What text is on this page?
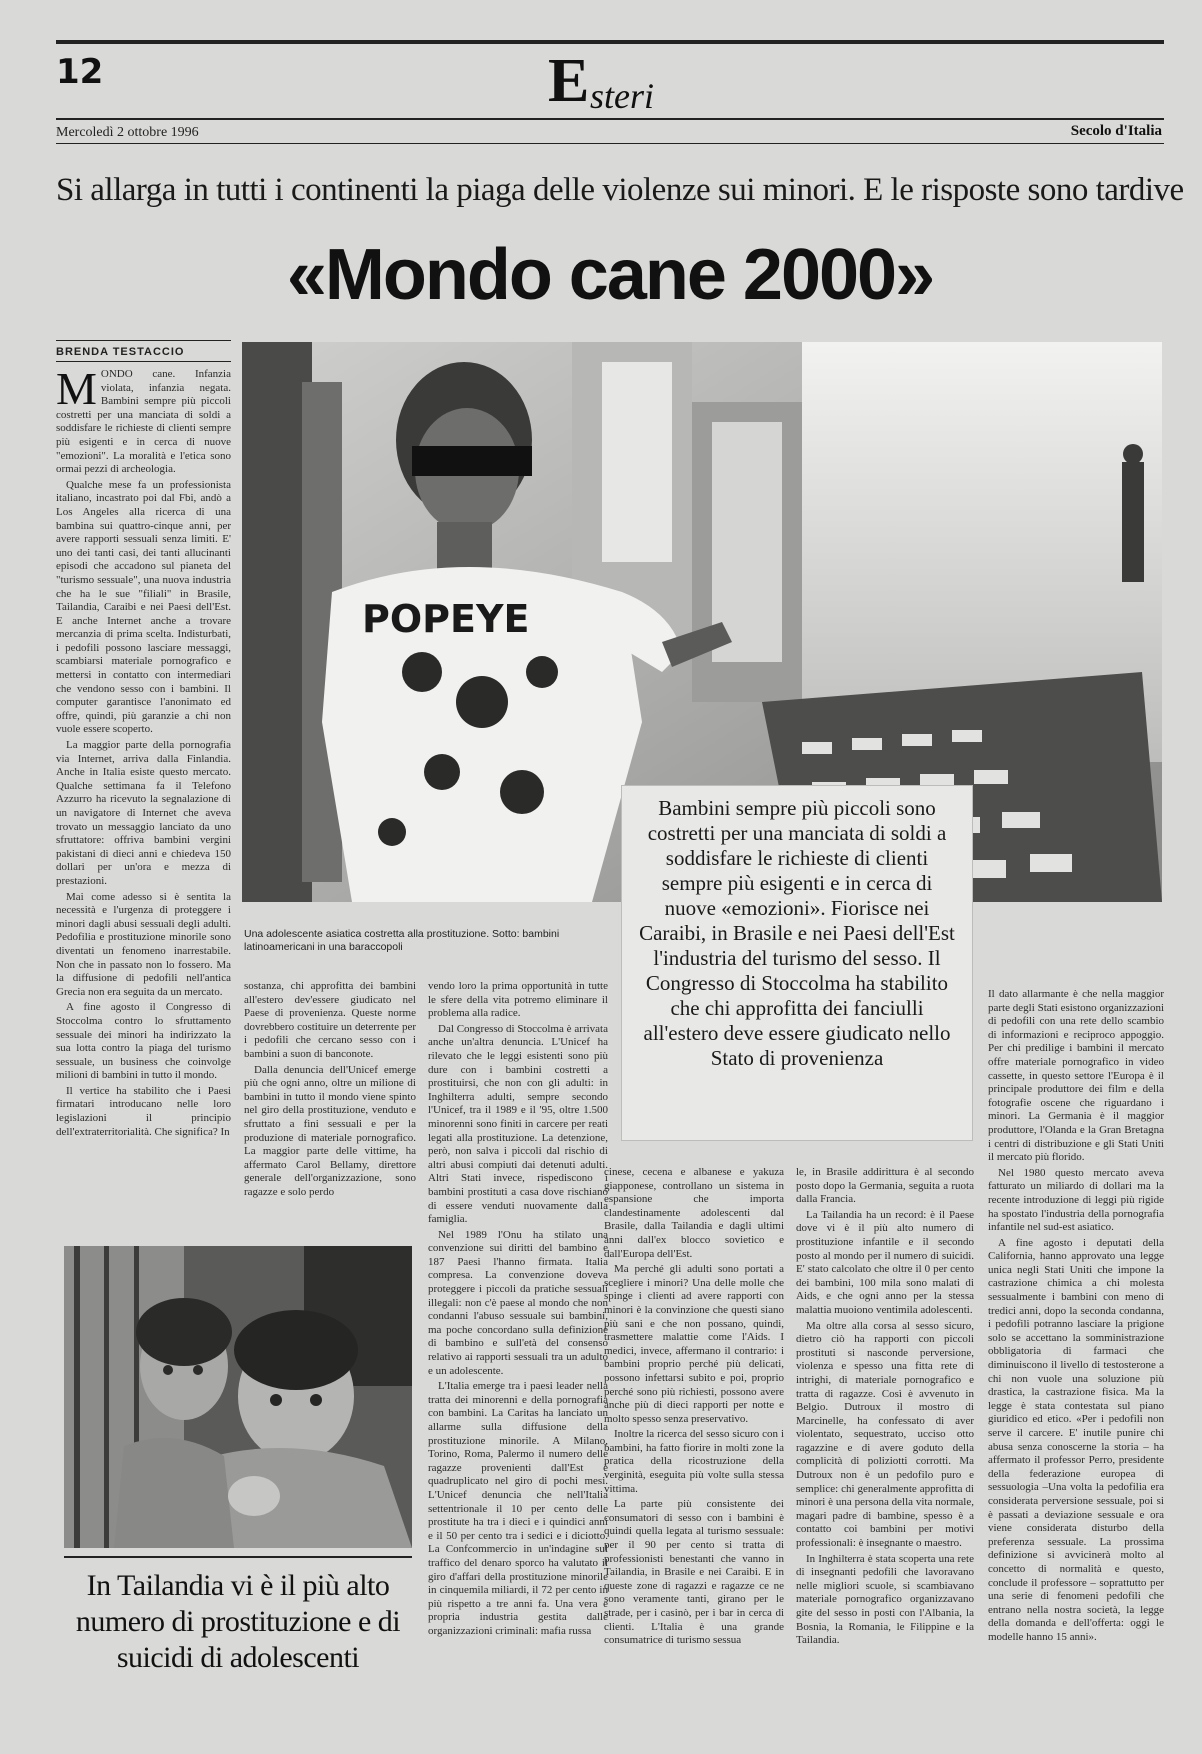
12	E steri
Mercoledì 2 ottobre 1996	Secolo d'Italia
Si allarga in tutti i continenti la piaga delle violenze sui minori. E le risposte sono tardive
«Mondo cane 2000»
BRENDA TESTACCIO
POPEYE
Una adolescente asiatica costretta alla prostituzione. Sotto: bambini latinoamericani in una baraccopoli
M ONDO cane. Infanzia violata, infanzia negata. Bambini sempre più piccoli costretti per una manciata di soldi a soddisfare le richieste di clienti sempre più esigenti e in cerca di nuove "emozioni". La moralità e l'etica sono ormai pezzi di archeologia.

Qualche mese fa un professionista italiano, incastrato poi dal Fbi, andò a Los Angeles alla ricerca di una bambina sui quattro-cinque anni, per avere rapporti sessuali senza limiti. E' uno dei tanti casi, dei tanti allucinanti episodi che accadono sul pianeta del "turismo sessuale", una nuova industria che ha le sue "filiali" in Brasile, Tailandia, Caraibi e nei Paesi dell'Est. E anche Internet anche a trovare mercanzia di prima scelta. Indisturbati, i pedofili possono lasciare messaggi, scambiarsi materiale pornografico e mettersi in contatto con intermediari che vendono sesso con i bambini. Il computer garantisce l'anonimato ed offre, quindi, più garanzie a chi non vuole essere scoperto.

La maggior parte della pornografia via Internet, arriva dalla Finlandia. Anche in Italia esiste questo mercato. Qualche settimana fa il Telefono Azzurro ha ricevuto la segnalazione di un navigatore di Internet che aveva trovato un messaggio lanciato da uno sfruttatore: offriva bambini vergini pakistani di dieci anni e chiedeva 150 dollari per un'ora e mezza di prestazioni.

Mai come adesso si è sentita la necessità e l'urgenza di proteggere i minori dagli abusi sessuali degli adulti. Pedofilia e prostituzione minorile sono diventati un fenomeno inarrestabile. Non che in passato non lo fossero. Ma la diffusione di pedofili nell'antica Grecia non era seguita da un mercato.

A fine agosto il Congresso di Stoccolma contro lo sfruttamento sessuale dei minori ha indirizzato la sua lotta contro la piaga del turismo sessuale, un business che coinvolge milioni di bambini in tutto il mondo.

Il vertice ha stabilito che i Paesi firmatari introducano nelle loro legislazioni il principio dell'extraterritorialità. Che significa? In

sostanza, chi approfitta dei bambini all'estero dev'essere giudicato nel Paese di provenienza. Queste norme dovrebbero costituire un deterrente per i pedofili che cercano sesso con i bambini a suon di banconote.

Dalla denuncia dell'Unicef emerge più che ogni anno, oltre un milione di bambini in tutto il mondo viene spinto nel giro della prostituzione, venduto e sfruttato a fini sessuali e per la produzione di materiale pornografico. La maggior parte delle vittime, ha affermato Carol Bellamy, direttore generale dell'organizzazione, sono ragazze e solo perdo

vendo loro la prima opportunità in tutte le sfere della vita potremo eliminare il problema alla radice.

Dal Congresso di Stoccolma è arrivata anche un'altra denuncia. L'Unicef ha rilevato che le leggi esistenti sono più dure con i bambini costretti a prostituirsi, che non con gli adulti: in Inghilterra adulti, sempre secondo l'Unicef, tra il 1989 e il '95, oltre 1.500 minorenni sono finiti in carcere per reati legati alla prostituzione. La detenzione, però, non salva i piccoli dal rischio di altri abusi compiuti dai detenuti adulti. Altri Stati invece, rispediscono i bambini prostituti a casa dove rischiano di essere venduti nuovamente dalla famiglia.

Nel 1989 l'Onu ha stilato una convenzione sui diritti del bambino e 187 Paesi l'hanno firmata. Italia compresa. La convenzione doveva proteggere i piccoli da pratiche sessuali illegali: non c'è paese al mondo che non condanni l'abuso sessuale sui bambini, ma poche concordano sulla definizione di bambino e sull'età del consenso relativo ai rapporti sessuali tra un adulto e un adolescente.

L'Italia emerge tra i paesi leader nella tratta dei minorenni e della pornografia con bambini. La Caritas ha lanciato un allarme sulla diffusione della prostituzione minorile. A Milano, Torino, Roma, Palermo il numero delle ragazze provenienti dall'Est è quadruplicato nel giro di pochi mesi. L'Unicef denuncia che nell'Italia settentrionale il 10 per cento delle prostitute ha tra i dieci e i quindici anni e il 50 per cento tra i sedici e i diciotto. La Confcommercio in un'indagine sul traffico del denaro sporco ha valutato il giro d'affari della prostituzione minorile in cinquemila miliardi, il 72 per cento in più rispetto a tre anni fa. Una vera e propria industria gestita dalle organizzazioni criminali: mafia russa

Bambini sempre più piccoli sono costretti per una manciata di soldi a soddisfare le richieste di clienti sempre più esigenti e in cerca di nuove «emozioni». Fiorisce nei Caraibi, in Brasile e nei Paesi dell'Est l'industria del turismo del sesso. Il Congresso di Stoccolma ha stabilito che chi approfitta dei fanciulli all'estero deve essere giudicato nello Stato di provenienza

cinese, cecena e albanese e yakuza giapponese, controllano un sistema in espansione che importa clandestinamente adolescenti dal Brasile, dalla Tailandia e dagli ultimi anni dall'ex blocco sovietico e dall'Europa dell'Est.

Ma perché gli adulti sono portati a scegliere i minori? Una delle molle che spinge i clienti ad avere rapporti con minori è la convinzione che questi siano più sani e che non possano, quindi, trasmettere malattie come l'Aids. I medici, invece, affermano il contrario: i bambini proprio perché più delicati, possono infettarsi subito e poi, proprio perché sono più richiesti, possono avere anche più di dieci rapporti per notte e molto spesso senza preservativo.

Inoltre la ricerca del sesso sicuro con i bambini, ha fatto fiorire in molti zone la pratica della ricostruzione della verginità, eseguita più volte sulla stessa vittima.

La parte più consistente dei consumatori di sesso con i bambini è quindi quella legata al turismo sessuale: per il 90 per cento si tratta di professionisti benestanti che vanno in Tailandia, in Brasile e nei Caraibi. E in queste zone di ragazzi e ragazze ce ne sono veramente tanti, girano per le strade, per i casinò, per i bar in cerca di clienti. L'Italia è una grande consumatrice di turismo sessua

le, in Brasile addirittura è al secondo posto dopo la Germania, seguita a ruota dalla Francia.

La Tailandia ha un record: è il Paese dove vi è il più alto numero di prostituzione infantile e il secondo posto al mondo per il numero di suicidi. E' stato calcolato che oltre il 0 per cento dei bambini, 100 mila sono malati di Aids, e che ogni anno per la stessa malattia muoiono ventimila adolescenti.

Ma oltre alla corsa al sesso sicuro, dietro ciò ha rapporti con piccoli prostituti si nasconde perversione, violenza e spesso una fitta rete di intrighi, di materiale pornografico e tratta di ragazze. Così è avvenuto in Belgio. Dutroux il mostro di Marcinelle, ha confessato di aver violentato, sequestrato, ucciso otto ragazzine e di avere goduto della complicità di poliziotti corrotti. Ma Dutroux non è un pedofilo puro e semplice: chi generalmente approfitta di minori è una persona della vita normale, magari padre di bambine, spesso è a contatto coi bambini per motivi professionali: è insegnante o maestro.

In Inghilterra è stata scoperta una rete di insegnanti pedofili che lavoravano nelle migliori scuole, si scambiavano materiale pornografico organizzavano gite del sesso in posti con l'Albania, la Bosnia, la Romania, le Filippine e la Tailandia.

Il dato allarmante è che nella maggior parte degli Stati esistono organizzazioni di pedofili con una rete dello scambio di informazioni e reciproco appoggio. Per chi predilige i bambini il mercato offre materiale pornografico in video cassette, in questo settore l'Europa è il principale produttore dei film e della fotografie oscene che riguardano i minori. La Germania è il maggior produttore, l'Olanda e la Gran Bretagna i centri di distribuzione e gli Stati Uniti il mercato più florido.

Nel 1980 questo mercato aveva fatturato un miliardo di dollari ma la recente introduzione di leggi più rigide ha spostato l'industria della pornografia infantile nel sud-est asiatico.

A fine agosto i deputati della California, hanno approvato una legge unica negli Stati Uniti che impone la castrazione chimica a chi molesta sessualmente i bambini con meno di tredici anni, dopo la seconda condanna, i pedofili potranno lasciare la prigione solo se accettano la somministrazione obbligatoria di farmaci che diminuiscono il livello di testosterone a chi non vuole una soluzione più drastica, la castrazione fisica. Ma la legge è stata contestata sul piano giuridico ed etico. «Per i pedofili non serve il carcere. E' inutile punire chi abusa senza conoscerne la storia – ha affermato il professor Perro, presidente della federazione europea di sessuologia –Una volta la pedofilia era considerata perversione sessuale, poi si è passati a deviazione sessuale e ora viene considerata disturbo della preferenza sessuale. La prossima definizione si avvicinerà molto al concetto di normalità e questo, conclude il professore – soprattutto per una serie di fenomeni pedofili che entrano nella nostra società, la legge della domanda e dell'offerta: oggi le modelle hanno 15 anni».

In Tailandia vi è il più alto numero di prostituzione e di suicidi di adolescenti
